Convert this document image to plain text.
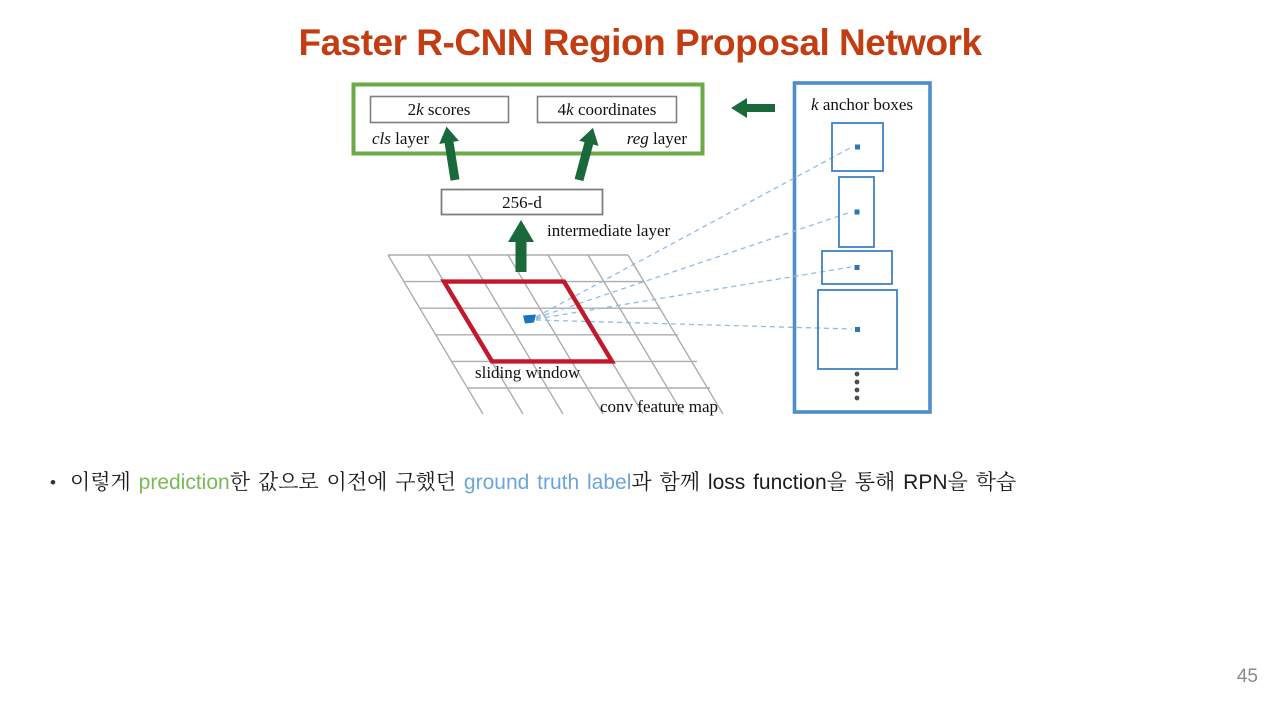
Faster R-CNN Region Proposal Network
k anchor boxes
2k scores	4k coordinates
cls layer	reg layer
256-d
intermediate layer
sliding window
conv feature map
• 이렇게 prediction한 값으로 이전에 구했던 ground truth label과 함께 loss function을 통해 RPN을 학습

45
